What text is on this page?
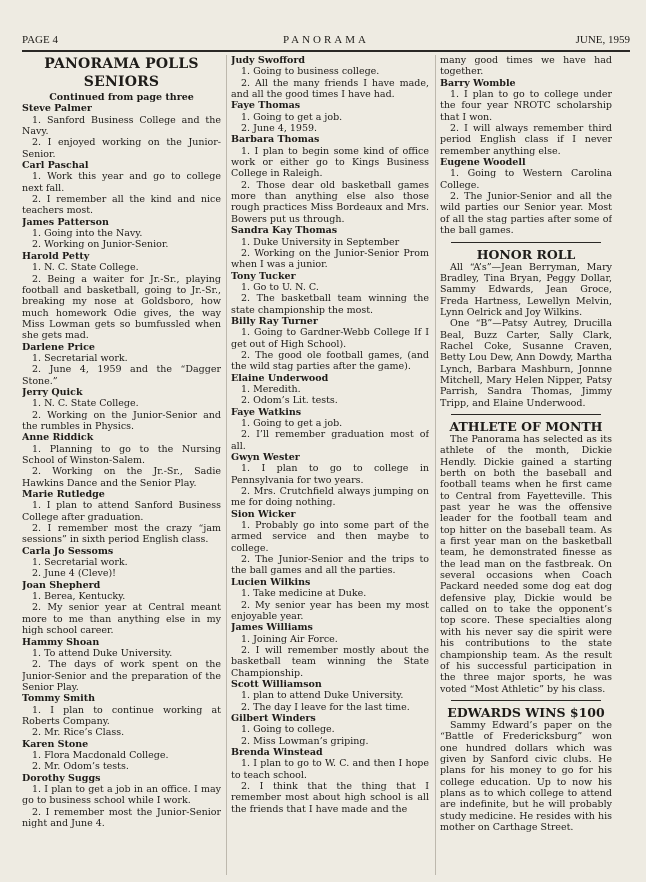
PAGE 4	PANORAMA	JUNE, 1959

PANORAMA POLLS SENIORS

Continued from page three

Steve Palmer

1. Sanford Business College and the Navy.

2. I enjoyed working on the Junior-Senior.

Carl Paschal

1. Work this year and go to college next fall.

2. I remember all the kind and nice teachers most.

James Patterson

1. Going into the Navy.

2. Working on Junior-Senior.

Harold Petty

1. N. C. State College.

2. Being a waiter for Jr.-Sr., playing football and basketball, going to Jr.-Sr., breaking my nose at Goldsboro, how much homework Odie gives, the way Miss Lowman gets so bumfussled when she gets mad.

Darlene Price

1. Secretarial work.

2. June 4, 1959 and the “Dagger Stone.”

Jerry Quick

1. N. C. State College.

2. Working on the Junior-Senior and the rumbles in Physics.

Anne Riddick

1. Planning to go to the Nursing School of Winston-Salem.

2. Working on the Jr.-Sr., Sadie Hawkins Dance and the Senior Play.

Marie Rutledge

1. I plan to attend Sanford Business College after graduation.

2. I remember most the crazy “jam sessions” in sixth period English class.

Carla Jo Sessoms

1. Secretarial work.

2. June 4 (Cleve)!

Joan Shepherd

1. Berea, Kentucky.

2. My senior year at Central meant more to me than anything else in my high school career.

Hammy Shoan

1. To attend Duke University.

2. The days of work spent on the Junior-Senior and the preparation of the Senior Play.

Tommy Smith

1. I plan to continue working at Roberts Company.

2. Mr. Rice’s Class.

Karen Stone

1. Flora Macdonald College.

2. Mr. Odom’s tests.

Dorothy Suggs

1. I plan to get a job in an office. I may go to business school while I work.

2. I remember most the Junior-Senior night and June 4.

Judy Swofford

1. Going to business college.

2. All the many friends I have made, and all the good times I have had.

Faye Thomas

1. Going to get a job.

2. June 4, 1959.

Barbara Thomas

1. I plan to begin some kind of office work or either go to Kings Business College in Raleigh.

2. Those dear old basketball games more than anything else also those rough practices Miss Bordeaux and Mrs. Bowers put us through.

Sandra Kay Thomas

1. Duke University in September

2. Working on the Junior-Senior Prom when I was a junior.

Tony Tucker

1. Go to U. N. C.

2. The basketball team winning the state championship the most.

Billy Ray Turner

1. Going to Gardner-Webb College If I get out of High School).

2. The good ole football games, (and the wild stag parties after the game).

Elaine Underwood

1. Meredith.

2. Odom’s Lit. tests.

Faye Watkins

1. Going to get a job.

2. I’ll remember graduation most of all.

Gwyn Wester

1. I plan to go to college in Pennsylvania for two years.

2. Mrs. Crutchfield always jumping on me for doing nothing.

Sion Wicker

1. Probably go into some part of the armed service and then maybe to college.

2. The Junior-Senior and the trips to the ball games and all the parties.

Lucien Wilkins

1. Take medicine at Duke.

2. My senior year has been my most enjoyable year.

James Williams

1. Joining Air Force.

2. I will remember mostly about the basketball team winning the State Championship.

Scott Williamson

1. plan to attend Duke University.

2. The day I leave for the last time.

Gilbert Winders

1. Going to college.

2. Miss Lowman’s griping.

Brenda Winstead

1. I plan to go to W. C. and then I hope to teach school.

2. I think that the thing that I remember most about high school is all the friends that I have made and the

many good times we have had together.

Barry Womble

1. I plan to go to college under the four year NROTC scholarship that I won.

2. I will always remember third period English class if I never remember anything else.

Eugene Woodell

1. Going to Western Carolina College.

2. The Junior-Senior and all the wild parties our Senior year. Most of all the stag parties after some of the ball games.

HONOR ROLL

All “A’s”—Jean Berryman, Mary Bradley, Tina Bryan, Peggy Dollar, Sammy Edwards, Jean Groce, Freda Hartness, Lewellyn Melvin, Lynn Oelrick and Joy Wilkins.

One “B”—Patsy Autrey, Drucilla Beal, Buzz Carter, Sally Clark, Rachel Coke, Susanne Craven, Betty Lou Dew, Ann Dowdy, Martha Lynch, Barbara Mashburn, Jonnne Mitchell, Mary Helen Nipper, Patsy Parrish, Sandra Thomas, Jimmy Tripp, and Elaine Underwood.

ATHLETE OF MONTH

The Panorama has selected as its athlete of the month, Dickie Hendly. Dickie gained a starting berth on both the baseball and football teams when he first came to Central from Fayetteville. This past year he was the offensive leader for the football team and top hitter on the baseball team. As a first year man on the basketball team, he demonstrated finesse as the lead man on the fastbreak. On several occasions when Coach Packard needed some dog eat dog defensive play, Dickie would be called on to take the opponent’s top score. These specialties along with his never say die spirit were his contributions to the state championship team. As the result of his successful participation in the three major sports, he was voted “Most Athletic” by his class.

EDWARDS WINS $100

Sammy Edward’s paper on the “Battle of Fredericksburg” won one hundred dollars which was given by Sanford civic clubs. He plans for his money to go for his college education. Up to now his plans as to which college to attend are indefinite, but he will probably study medicine. He resides with his mother on Carthage Street.
